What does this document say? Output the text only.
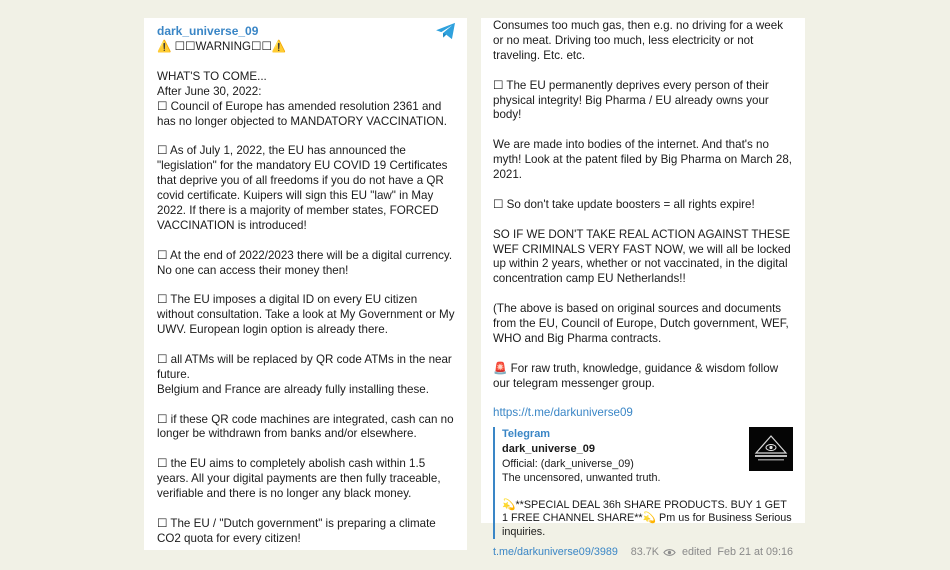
dark_universe_09
⚠️ ☐☐WARNING☐☐⚠️
WHAT'S TO COME...
After June 30, 2022:
☐ Council of Europe has amended resolution 2361 and has no longer objected to MANDATORY VACCINATION.
☐ As of July 1, 2022, the EU has announced the "legislation" for the mandatory EU COVID 19 Certificates that deprive you of all freedoms if you do not have a QR covid certificate. Kuipers will sign this EU "law" in May 2022. If there is a majority of member states, FORCED VACCINATION is introduced!
☐ At the end of 2022/2023 there will be a digital currency. No one can access their money then!
☐ The EU imposes a digital ID on every EU citizen without consultation. Take a look at My Government or My UWV. European login option is already there.
☐ all ATMs will be replaced by QR code ATMs in the near future.
Belgium and France are already fully installing these.
☐ if these QR code machines are integrated, cash can no longer be withdrawn from banks and/or elsewhere.
☐ the EU aims to completely abolish cash within 1.5 years. All your digital payments are then fully traceable, verifiable and there is no longer any black money.
☐ The EU / "Dutch government" is preparing a climate CO2 quota for every citizen!
Consumes too much gas, then e.g. no driving for a week or no meat. Driving too much, less electricity or not traveling. Etc. etc.
☐ The EU permanently deprives every person of their physical integrity! Big Pharma / EU already owns your body!
We are made into bodies of the internet. And that's no myth! Look at the patent filed by Big Pharma on March 28, 2021.
☐ So don't take update boosters = all rights expire!
SO IF WE DON'T TAKE REAL ACTION AGAINST THESE WEF CRIMINALS VERY FAST NOW, we will all be locked up within 2 years, whether or not vaccinated, in the digital concentration camp EU Netherlands!!
(The above is based on original sources and documents from the EU, Council of Europe, Dutch government, WEF, WHO and Big Pharma contracts.
🚨 For raw truth, knowledge, guidance & wisdom follow our telegram messenger group.
https://t.me/darkuniverse09
Telegram
dark_universe_09
Official: (dark_universe_09)
The uncensored, unwanted truth.

💫**SPECIAL DEAL 36h SHARE PRODUCTS. BUY 1 GET 1 FREE CHANNEL SHARE**💫 Pm us for Business Serious inquiries.
t.me/darkuniverse09/3989 83.7K edited  Feb 21 at 09:16
